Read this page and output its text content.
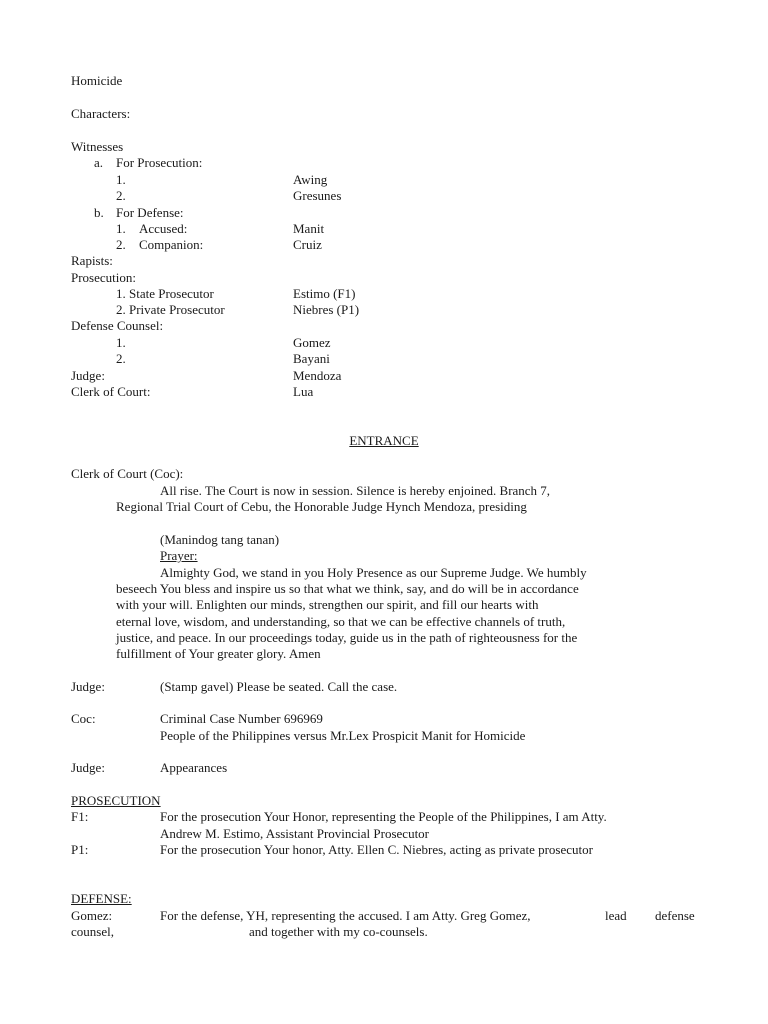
Homicide
Characters:
Witnesses
a. For Prosecution:
1.	Awing
2.	Gresunes
b. For Defense:
1. Accused:	Manit
2. Companion:	Cruiz
Rapists:
Prosecution:
1. State Prosecutor	Estimo (F1)
2. Private Prosecutor	Niebres (P1)
Defense Counsel:
1.	Gomez
2.	Bayani
Judge:	Mendoza
Clerk of Court:	Lua
ENTRANCE
Clerk of Court (Coc):
All rise. The Court is now in session. Silence is hereby enjoined. Branch 7,
Regional Trial Court of Cebu, the Honorable Judge Hynch Mendoza, presiding
(Manindog tang tanan)
Prayer:
Almighty God, we stand in you Holy Presence as our Supreme Judge. We humbly
beseech You bless and inspire us so that what we think, say, and do will be in accordance
with your will. Enlighten our minds, strengthen our spirit, and fill our hearts with
eternal love, wisdom, and understanding, so that we can be effective channels of truth,
justice, and peace. In our proceedings today, guide us in the path of righteousness for the
fulfillment of Your greater glory. Amen
Judge:	(Stamp gavel) Please be seated. Call the case.
Coc:	Criminal Case Number 696969
People of the Philippines versus Mr.Lex Prospicit Manit for Homicide
Judge:	Appearances
PROSECUTION
F1:	For the prosecution Your Honor, representing the People of the Philippines, I am Atty.
Andrew M. Estimo, Assistant Provincial Prosecutor
P1:	For the prosecution Your honor, Atty. Ellen C. Niebres, acting as private prosecutor
DEFENSE:
Gomez:	For the defense, YH, representing the accused. I am Atty. Greg Gomez,	lead defense
counsel,	and together with my co-counsels.
